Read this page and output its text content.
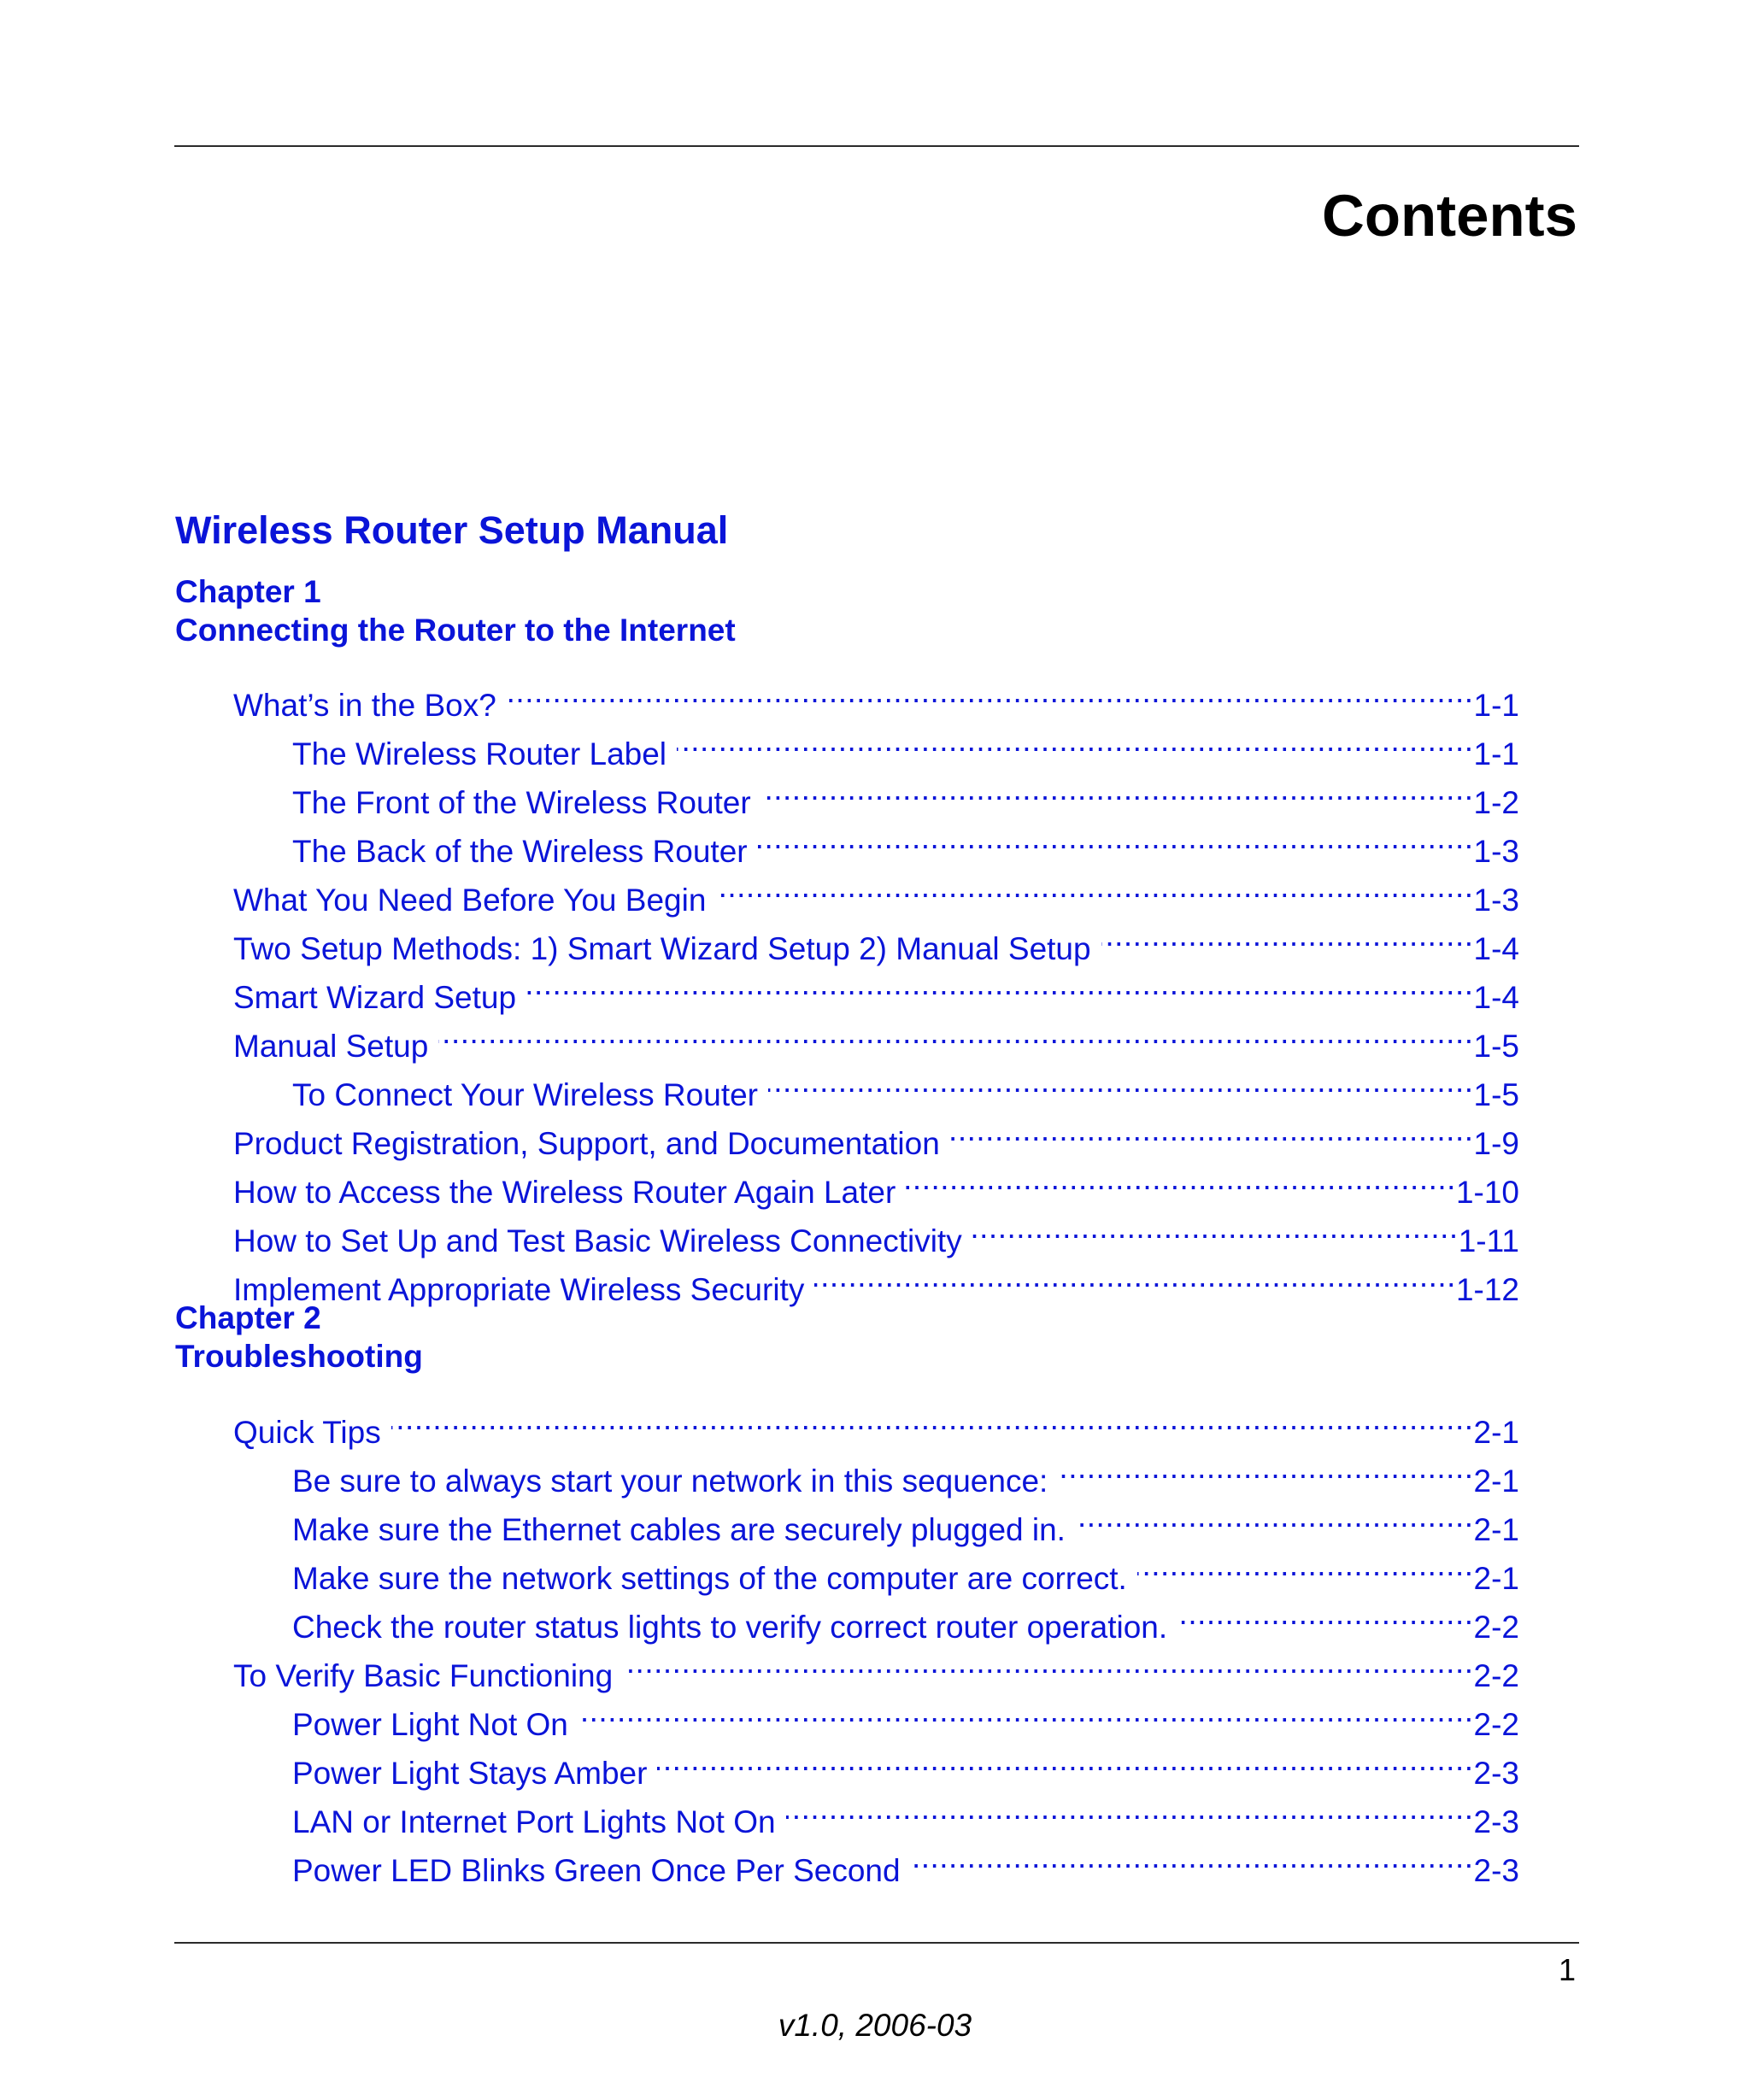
Contents
Wireless Router Setup Manual
Chapter 1
Connecting the Router to the Internet
What’s in the Box? .....	1-1
The Wireless Router Label .....	1-1
The Front of the Wireless Router .....	1-2
The Back of the Wireless Router .....	1-3
What You Need Before You Begin .....	1-3
Two Setup Methods: 1) Smart Wizard Setup 2) Manual Setup .....	1-4
Smart Wizard Setup .....	1-4
Manual Setup .....	1-5
To Connect Your Wireless Router .....	1-5
Product Registration, Support, and Documentation .....	1-9
How to Access the Wireless Router Again Later .....	1-10
How to Set Up and Test Basic Wireless Connectivity .....	1-11
Implement Appropriate Wireless Security .....	1-12
Chapter 2
Troubleshooting
Quick Tips .....	2-1
Be sure to always start your network in this sequence: .....	2-1
Make sure the Ethernet cables are securely plugged in. .....	2-1
Make sure the network settings of the computer are correct. .....	2-1
Check the router status lights to verify correct router operation. .....	2-2
To Verify Basic Functioning .....	2-2
Power Light Not On .....	2-2
Power Light Stays Amber .....	2-3
LAN or Internet Port Lights Not On .....	2-3
Power LED Blinks Green Once Per Second .....	2-3
1
v1.0, 2006-03
